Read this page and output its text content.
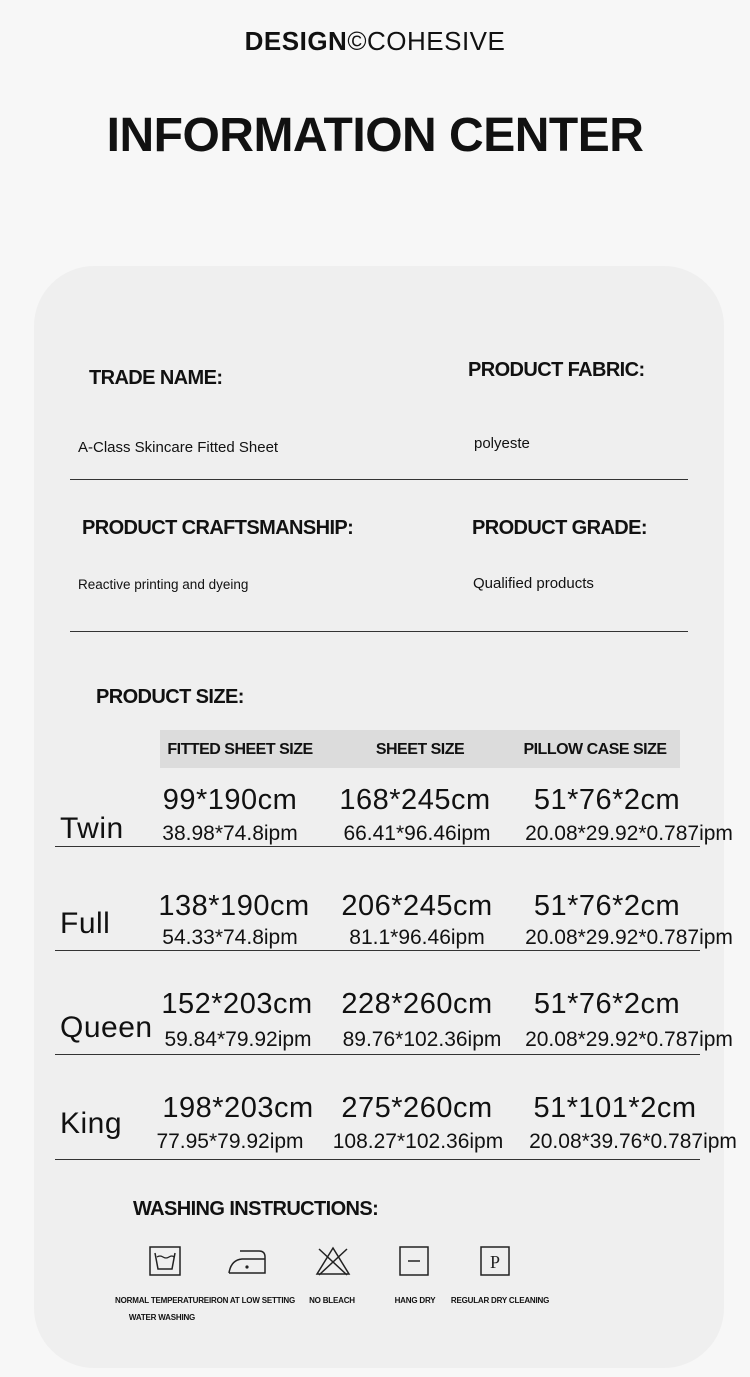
DESIGN©COHESIVE
INFORMATION CENTER
TRADE NAME:
A-Class Skincare Fitted Sheet
PRODUCT FABRIC:
polyeste
PRODUCT CRAFTSMANSHIP:
Reactive printing and dyeing
PRODUCT GRADE:
Qualified products
PRODUCT SIZE:
FITTED SHEET SIZE	SHEET SIZE	PILLOW CASE SIZE
Twin
99*190cm	168*245cm	51*76*2cm
38.98*74.8ipm	66.41*96.46ipm	20.08*29.92*0.787ipm
Full
138*190cm	206*245cm	51*76*2cm
54.33*74.8ipm	81.1*96.46ipm	20.08*29.92*0.787ipm
Queen
152*203cm 228*260cm	51*76*2cm
59.84*79.92ipm	89.76*102.36ipm	20.08*29.92*0.787ipm
King	198*203cm 275*260cm	51*101*2cm
77.95*79.92ipm	108.27*102.36ipm	20.08*39.76*0.787ipm
WASHING INSTRUCTIONS:
P
NORMAL TEMPERATURE WATER WASHING
IRON AT LOW SETTING	NO BLEACH	HANG DRY	REGULAR DRY CLEANING
